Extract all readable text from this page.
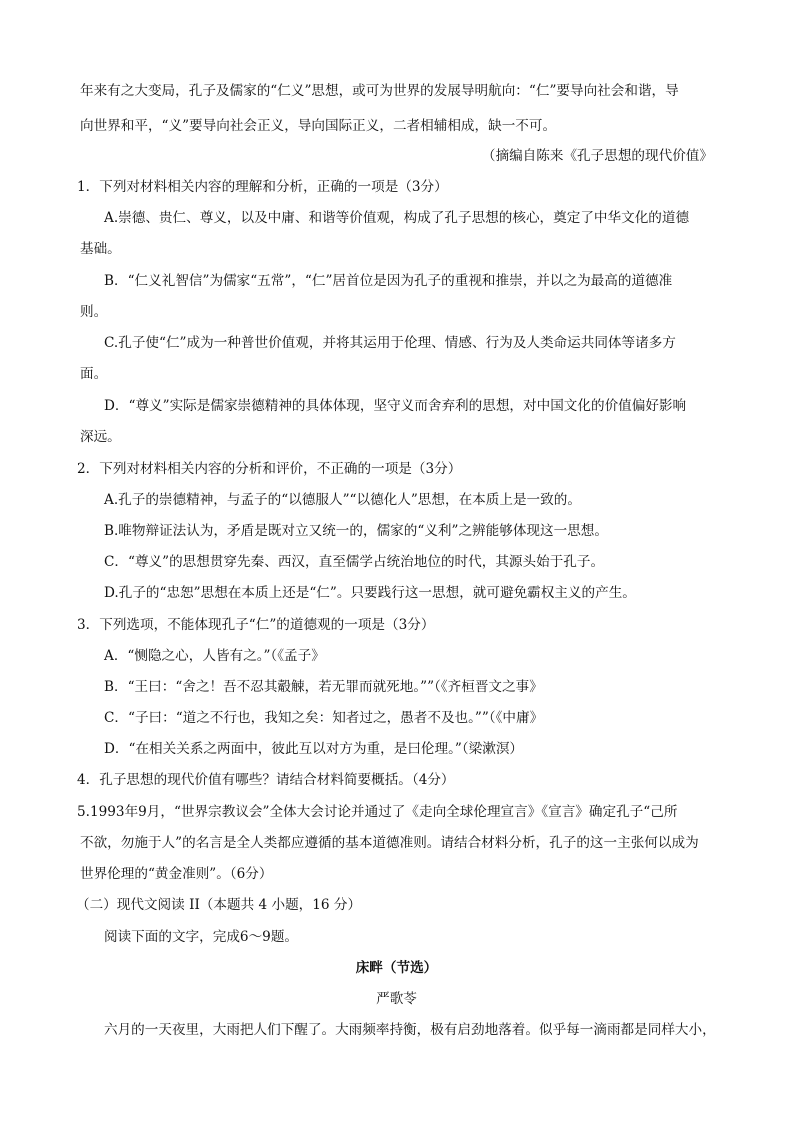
年来有之大变局，孔子及儒家的“仁义”思想，或可为世界的发展导明航向：“仁”要导向社会和谐，导
向世界和平，“义”要导向社会正义，导向国际正义，二者相辅相成，缺一不可。
（摘编自陈来《孔子思想的现代价值》
1．下列对材料相关内容的理解和分析，正确的一项是（3分）
A.崇德、贵仁、尊义，以及中庸、和谐等价值观，构成了孔子思想的核心，奠定了中华文化的道德
基础。
B．“仁义礼智信”为儒家“五常”，“仁”居首位是因为孔子的重视和推崇，并以之为最高的道德准
则。
C.孔子使“仁”成为一种普世价值观，并将其运用于伦理、情感、行为及人类命运共同体等诸多方
面。
D．“尊义”实际是儒家崇德精神的具体体现，坚守义而舍弃利的思想，对中国文化的价值偏好影响
深远。
2．下列对材料相关内容的分析和评价，不正确的一项是（3分）
A.孔子的崇德精神，与孟子的“以德服人”“以德化人”思想，在本质上是一致的。
B.唯物辩证法认为，矛盾是既对立又统一的，儒家的“义利”之辨能够体现这一思想。
C．“尊义”的思想贯穿先秦、西汉，直至儒学占统治地位的时代，其源头始于孔子。
D.孔子的“忠恕”思想在本质上还是“仁”。只要践行这一思想，就可避免霸权主义的产生。
3．下列选项，不能体现孔子“仁”的道德观的一项是（3分）
A．“恻隐之心，人皆有之。”（《孟子》
B．“王曰：“舍之！吾不忍其觳觫，若无罪而就死地。””（《齐桓晋文之事》
C．“子曰：“道之不行也，我知之矣：知者过之，愚者不及也。””（《中庸》
D．“在相关关系之两面中，彼此互以对方为重，是曰伦理。”（梁漱溟）
4．孔子思想的现代价值有哪些？请结合材料简要概括。（4分）
5.1993年9月，“世界宗教议会”全体大会讨论并通过了《走向全球伦理宣言》《宣言》确定孔子“己所
不欲，勿施于人”的名言是全人类都应遵循的基本道德准则。请结合材料分析，孔子的这一主张何以成为
世界伦理的“黄金准则”。（6分）
（二）现代文阅读 II（本题共 4 小题，16 分）
阅读下面的文字，完成6～9题。
床畔（节选）
严歌苓
六月的一天夜里，大雨把人们下醒了。大雨频率持衡，极有启劲地落着。似乎每一滴雨都是同样大小，
